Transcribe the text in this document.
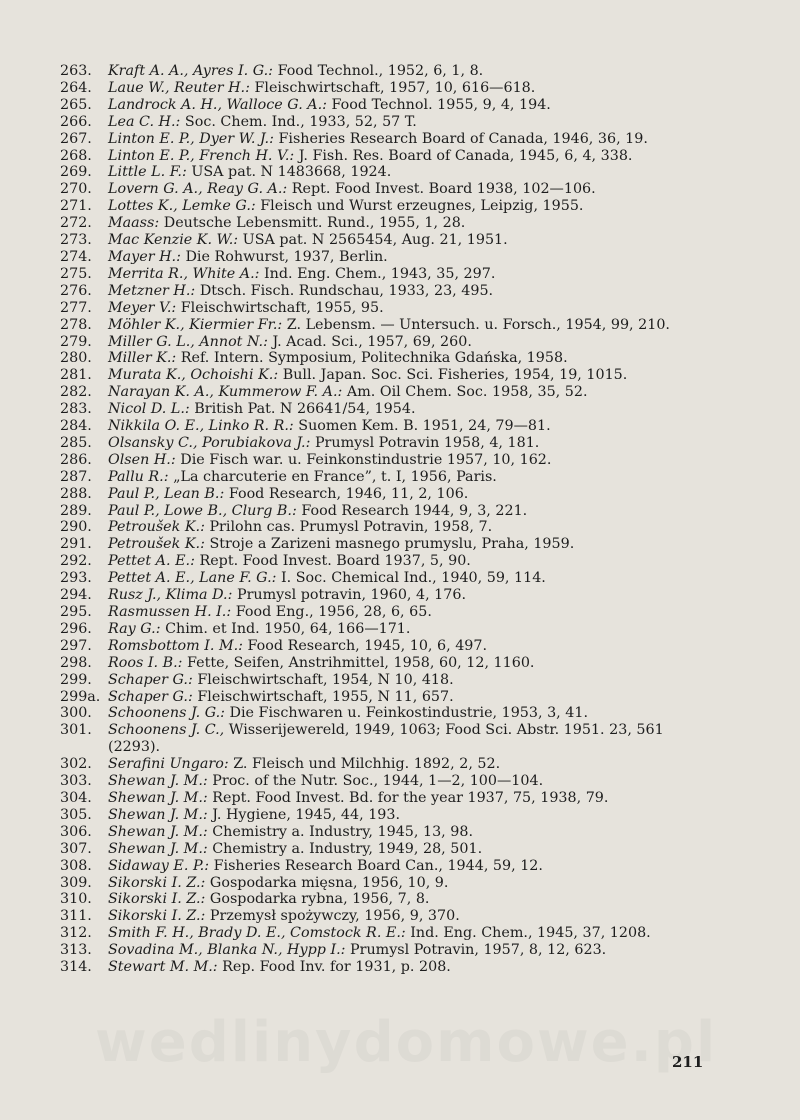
263.	Kraft A. A., Ayres I. G.: Food Technol., 1952, 6, 1, 8.
264.	Laue W., Reuter H.: Fleischwirtschaft, 1957, 10, 616—618.
265.	Landrock A. H., Walloce G. A.: Food Technol. 1955, 9, 4, 194.
266.	Lea C. H.: Soc. Chem. Ind., 1933, 52, 57 T.
267.	Linton E. P., Dyer W. J.: Fisheries Research Board of Canada, 1946, 36, 19.
268.	Linton E. P., French H. V.: J. Fish. Res. Board of Canada, 1945, 6, 4, 338.
269.	Little L. F.: USA pat. N 1483668, 1924.
270.	Lovern G. A., Reay G. A.: Rept. Food Invest. Board 1938, 102—106.
271.	Lottes K., Lemke G.: Fleisch und Wurst erzeugnes, Leipzig, 1955.
272.	Maass: Deutsche Lebensmitt. Rund., 1955, 1, 28.
273.	Mac Kenzie K. W.: USA pat. N 2565454, Aug. 21, 1951.
274.	Mayer H.: Die Rohwurst, 1937, Berlin.
275.	Merrita R., White A.: Ind. Eng. Chem., 1943, 35, 297.
276.	Metzner H.: Dtsch. Fisch. Rundschau, 1933, 23, 495.
277.	Meyer V.: Fleischwirtschaft, 1955, 95.
278.	Möhler K., Kiermier Fr.: Z. Lebensm. — Untersuch. u. Forsch., 1954, 99, 210.
279.	Miller G. L., Annot N.: J. Acad. Sci., 1957, 69, 260.
280.	Miller K.: Ref. Intern. Symposium, Politechnika Gdańska, 1958.
281.	Murata K., Ochoishi K.: Bull. Japan. Soc. Sci. Fisheries, 1954, 19, 1015.
282.	Narayan K. A., Kummerow F. A.: Am. Oil Chem. Soc. 1958, 35, 52.
283.	Nicol D. L.: British Pat. N 26641/54, 1954.
284.	Nikkila O. E., Linko R. R.: Suomen Kem. B. 1951, 24, 79—81.
285.	Olsansky C., Porubiakova J.: Prumysl Potravin 1958, 4, 181.
286.	Olsen H.: Die Fisch war. u. Feinkonstindustrie 1957, 10, 162.
287.	Pallu R.: „La charcuterie en France”, t. I, 1956, Paris.
288.	Paul P., Lean B.: Food Research, 1946, 11, 2, 106.
289.	Paul P., Lowe B., Clurg B.: Food Research 1944, 9, 3, 221.
290.	Petroušek K.: Prilohn cas. Prumysl Potravin, 1958, 7.
291.	Petroušek K.: Stroje a Zarizeni masnego prumyslu, Praha, 1959.
292.	Pettet A. E.: Rept. Food Invest. Board 1937, 5, 90.
293.	Pettet A. E., Lane F. G.: I. Soc. Chemical Ind., 1940, 59, 114.
294.	Rusz J., Klima D.: Prumysl potravin, 1960, 4, 176.
295.	Rasmussen H. I.: Food Eng., 1956, 28, 6, 65.
296.	Ray G.: Chim. et Ind. 1950, 64, 166—171.
297.	Romsbottom I. M.: Food Research, 1945, 10, 6, 497.
298.	Roos I. B.: Fette, Seifen, Anstrihmittel, 1958, 60, 12, 1160.
299.	Schaper G.: Fleischwirtschaft, 1954, N 10, 418.
299a. Schaper G.: Fleischwirtschaft, 1955, N 11, 657.
300.	Schoonens J. G.: Die Fischwaren u. Feinkostindustrie, 1953, 3, 41.
301.	Schoonens J. C., Wisserijewereld, 1949, 1063; Food Sci. Abstr. 1951. 23, 561 (2293).
302.	Serafini Ungaro: Z. Fleisch und Milchhig. 1892, 2, 52.
303.	Shewan J. M.: Proc. of the Nutr. Soc., 1944, 1—2, 100—104.
304.	Shewan J. M.: Rept. Food Invest. Bd. for the year 1937, 75, 1938, 79.
305.	Shewan J. M.: J. Hygiene, 1945, 44, 193.
306.	Shewan J. M.: Chemistry a. Industry, 1945, 13, 98.
307.	Shewan J. M.: Chemistry a. Industry, 1949, 28, 501.
308.	Sidaway E. P.: Fisheries Research Board Can., 1944, 59, 12.
309.	Sikorski I. Z.: Gospodarka mięsna, 1956, 10, 9.
310.	Sikorski I. Z.: Gospodarka rybna, 1956, 7, 8.
311.	Sikorski I. Z.: Przemysł spożywczy, 1956, 9, 370.
312.	Smith F. H., Brady D. E., Comstock R. E.: Ind. Eng. Chem., 1945, 37, 1208.
313.	Sovadina M., Blanka N., Hypp I.: Prumysl Potravin, 1957, 8, 12, 623.
314.	Stewart M. M.: Rep. Food Inv. for 1931, p. 208.
211
